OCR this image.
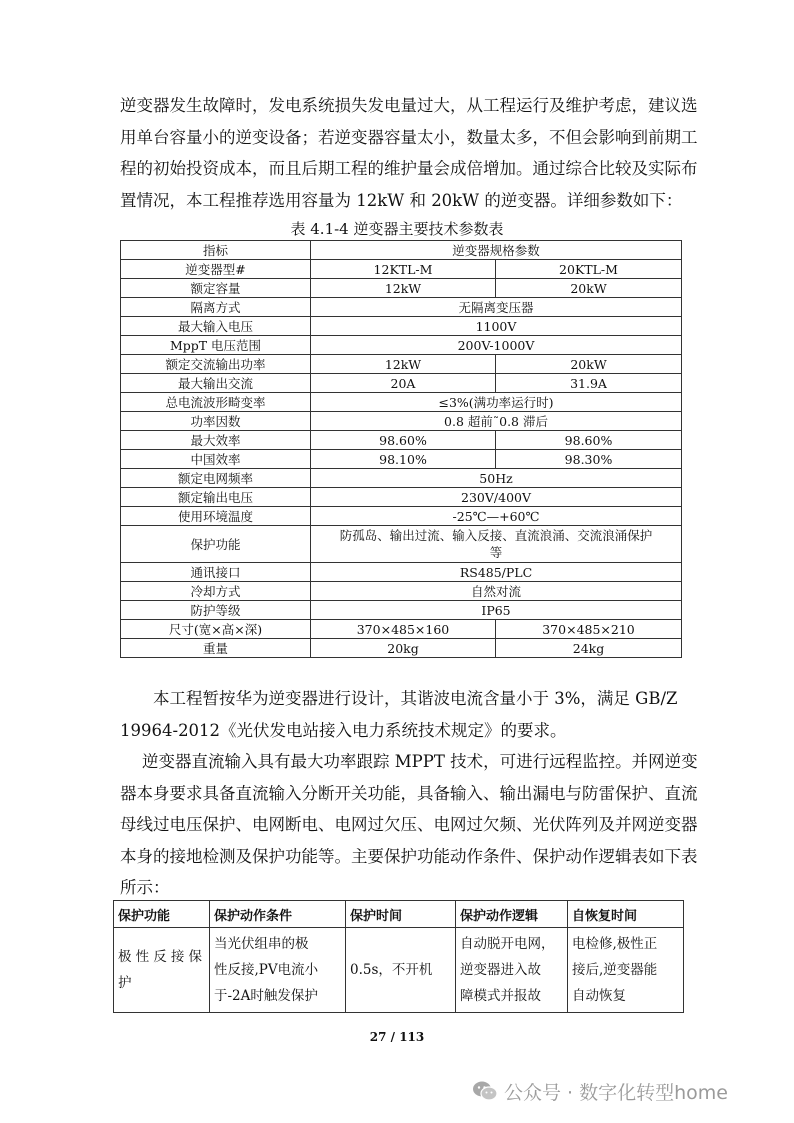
逆变器发生故障时，发电系统损失发电量过大，从工程运行及维护考虑，建议选
用单台容量小的逆变设备；若逆变器容量太小，数量太多，不但会影响到前期工
程的初始投资成本，而且后期工程的维护量会成倍增加。通过综合比较及实际布
置情况，本工程推荐选用容量为 12kW 和 20kW 的逆变器。详细参数如下：
表 4.1-4 逆变器主要技术参数表
指标	逆变器规格参数	
逆变器型#	12KTL-M	20KTL-M
额定容量	12kW	20kW
隔离方式	无隔离变压器	
最大输入电压	1100V	
MppT 电压范围	200V-1000V	
额定交流输出功率	12kW	20kW
最大输出交流	20A	31.9A
总电流波形畸变率	≤3%(满功率运行时)	
功率因数	0.8 超前˜0.8 滞后	
最大效率	98.60%	98.60%
中国效率	98.10%	98.30%
额定电网频率	50Hz	
额定输出电压	230V/400V	
使用环境温度	-25℃—+60℃	
保护功能	防孤岛、输出过流、输入反接、直流浪涌、交流浪涌保护
等	

通讯接口	RS485/PLC	
冷却方式	自然对流	
防护等级	IP65	
尺寸(宽×高×深)	370×485×160	370×485×210
重量	20kg	24kg
本工程暂按华为逆变器进行设计，其谐波电流含量小于 3%，满足 GB/Z
19964-2012《光伏发电站接入电力系统技术规定》的要求。
逆变器直流输入具有最大功率跟踪 MPPT 技术，可进行远程监控。并网逆变
器本身要求具备直流输入分断开关功能，具备输入、输出漏电与防雷保护、直流
母线过电压保护、电网断电、电网过欠压、电网过欠频、光伏阵列及并网逆变器
本身的接地检测及保护功能等。主要保护功能动作条件、保护动作逻辑表如下表
所示：
保护功能	保护动作条件	保护时间	保护动作逻辑	自恢复时间

极性反接保护	当光伏组串的极
性反接,PV电流小
于-2A时触发保护	0.5s，不开机	自动脱开电网，
逆变器进入故
障模式并报故	电检修,极性正
接后,逆变器能
自动恢复
27 / 113
公众号 · 数字化转型home
